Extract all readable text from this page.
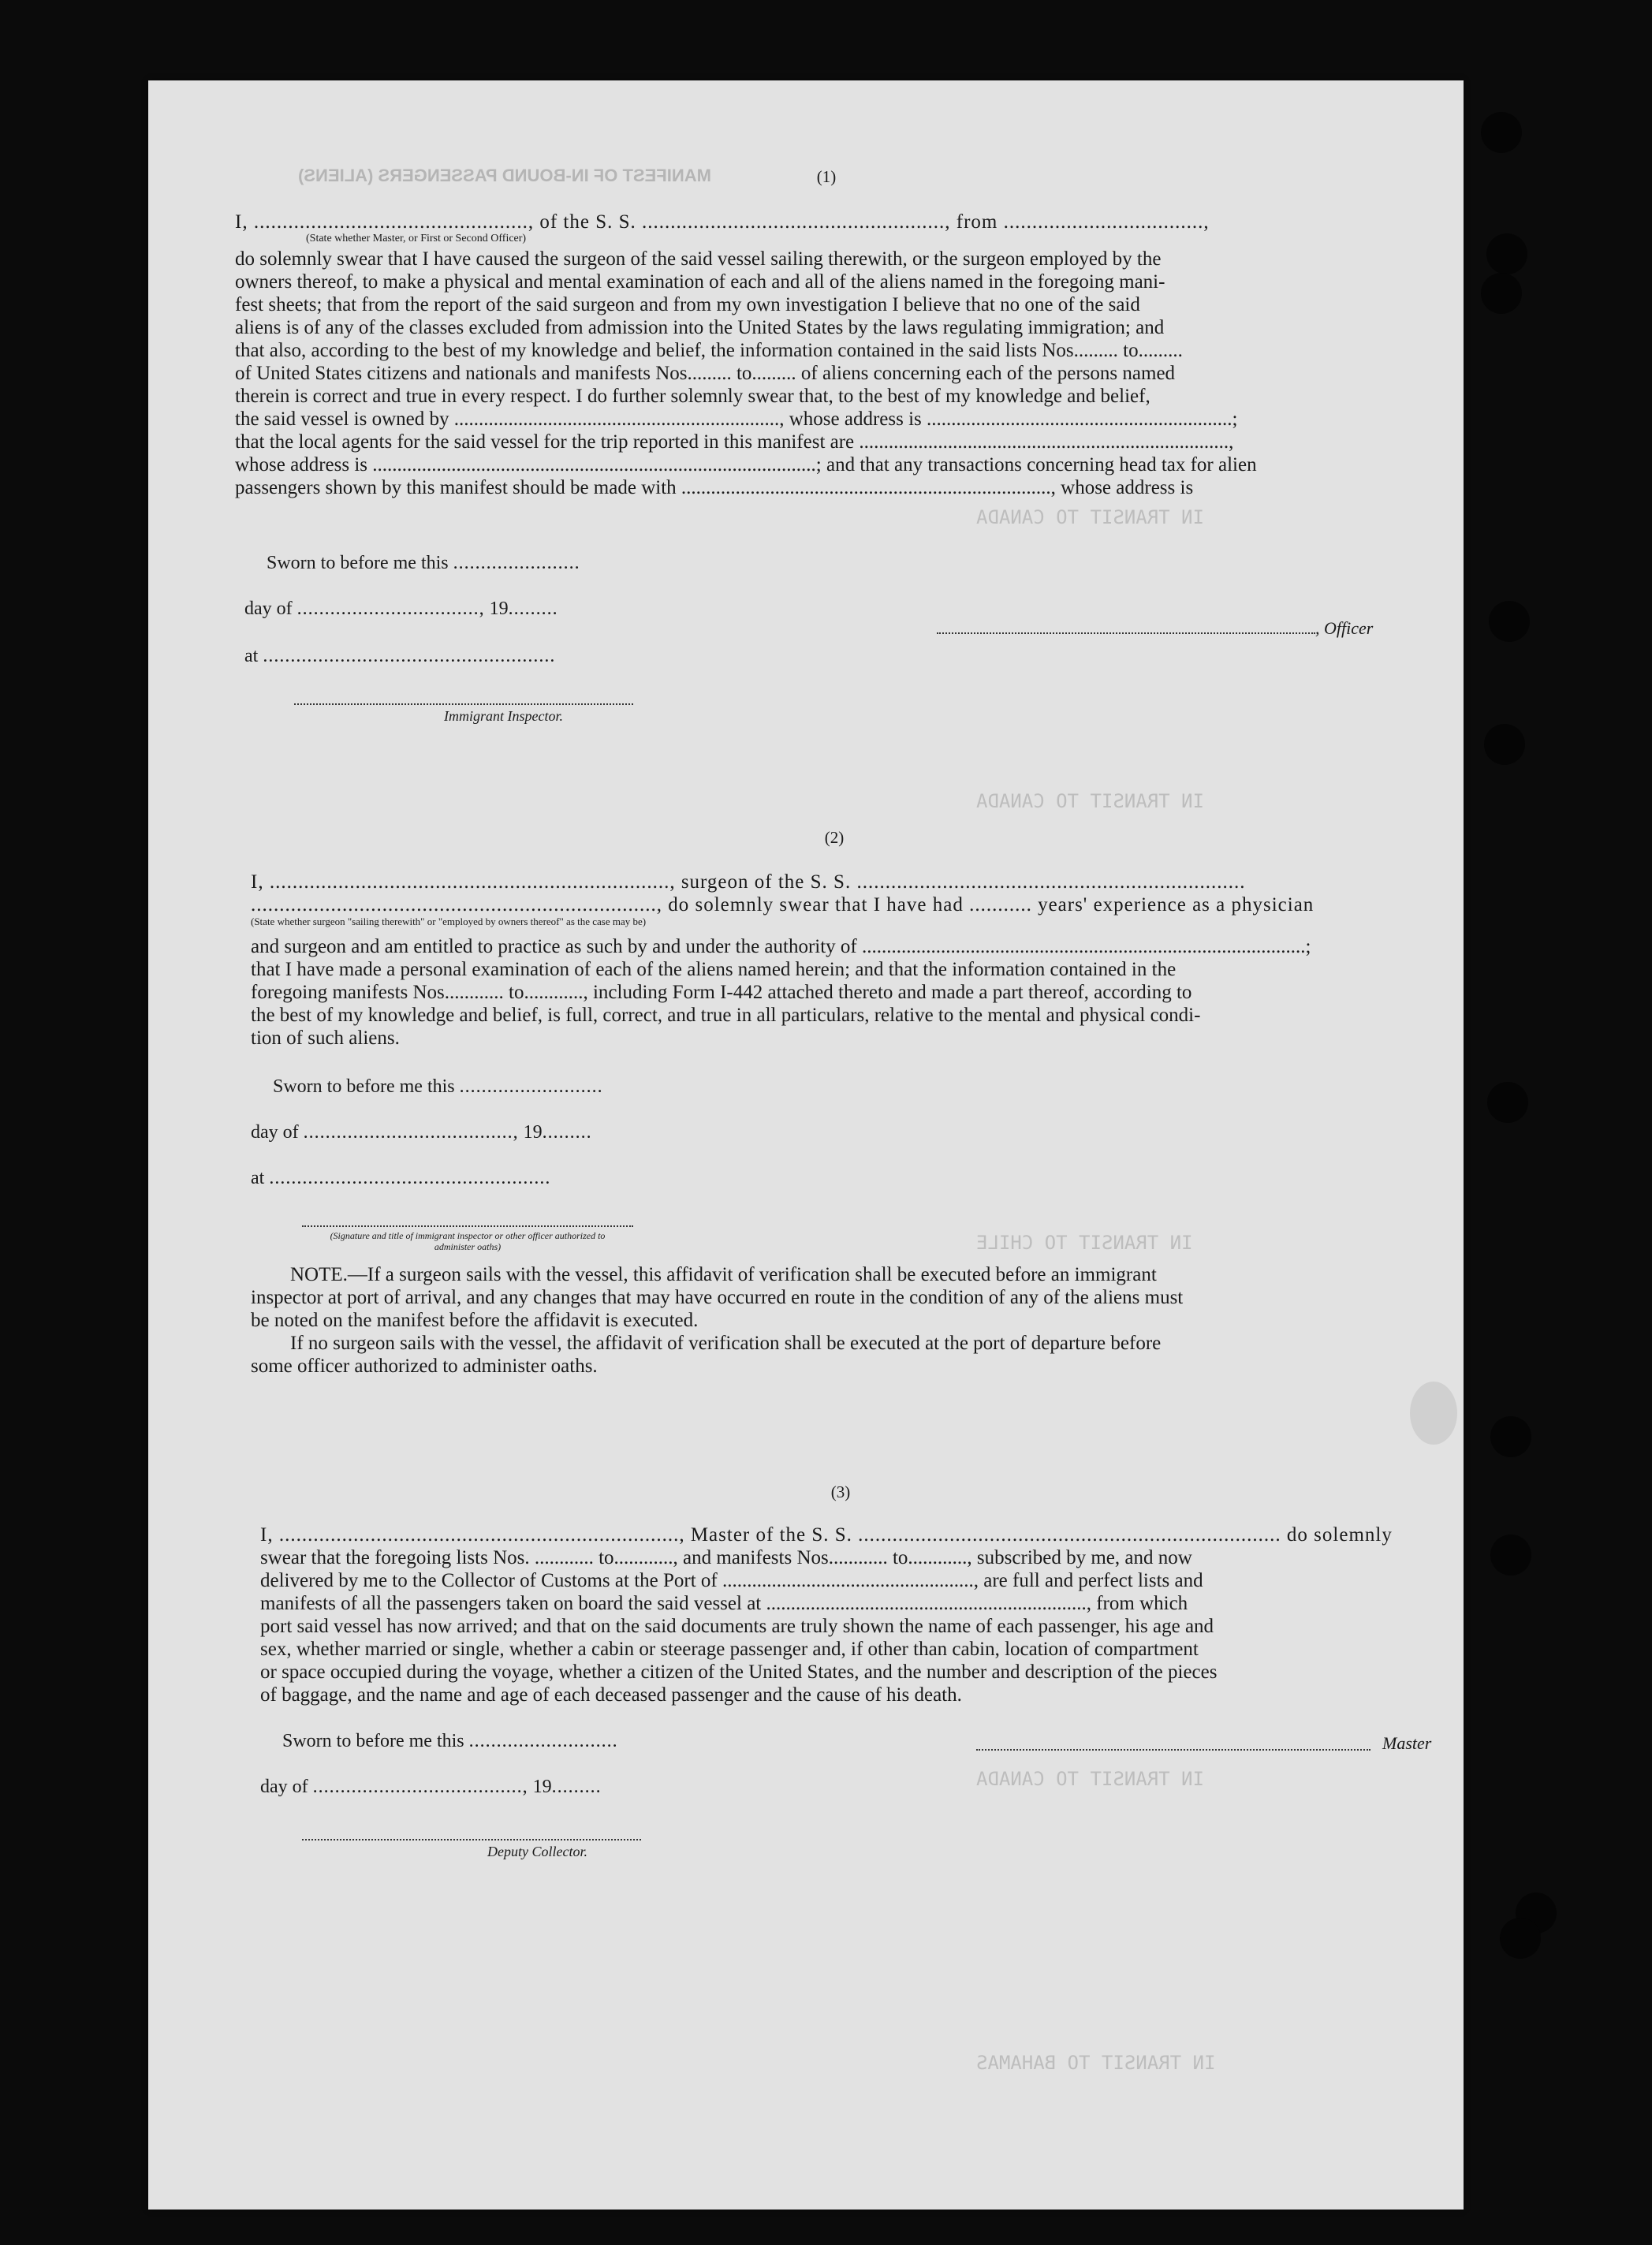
MANIFEST OF IN-BOUND PASSENGERS (ALIENS)
IN TRANSIT TO CANADA
IN TRANSIT TO CANADA
IN TRANSIT TO CHILE
IN TRANSIT TO CANADA
IN TRANSIT TO BAHAMAS
(1)

I, ................................................, of the S. S. ....................................................., from ...................................,

(State whether Master, or First or Second Officer)

do solemnly swear that I have caused the surgeon of the said vessel sailing therewith, or the surgeon employed by the

owners thereof, to make a physical and mental examination of each and all of the aliens named in the foregoing mani-

fest sheets; that from the report of the said surgeon and from my own investigation I believe that no one of the said

aliens is of any of the classes excluded from admission into the United States by the laws regulating immigration; and

that also, according to the best of my knowledge and belief, the information contained in the said lists Nos......... to.........

of United States citizens and nationals and manifests Nos......... to......... of aliens concerning each of the persons named

therein is correct and true in every respect. I do further solemnly swear that, to the best of my knowledge and belief,

the said vessel is owned by .................................................................., whose address is ..............................................................;

that the local agents for the said vessel for the trip reported in this manifest are ...........................................................................,

whose address is ..........................................................................................; and that any transactions concerning head tax for alien

passengers shown by this manifest should be made with ..........................................................................., whose address is

Sworn to before me this .......................
day of ................................., 19.........
at .....................................................
Immigrant Inspector.
, Officer
(2)

I, ......................................................................, surgeon of the S. S. ....................................................................

......................................................................., do solemnly swear that I have had ........... years' experience as a physician

(State whether surgeon "sailing therewith" or "employed by owners thereof" as the case may be)

and surgeon and am entitled to practice as such by and under the authority of ..........................................................................................;

that I have made a personal examination of each of the aliens named herein; and that the information contained in the

foregoing manifests Nos............ to............, including Form I-442 attached thereto and made a part thereof, according to

the best of my knowledge and belief, is full, correct, and true in all particulars, relative to the mental and physical condi-

tion of such aliens.

Sworn to before me this ..........................
day of ......................................, 19.........
at ...................................................
(Signature and title of immigrant inspector or other officer authorized to administer oaths)

NOTE.—If a surgeon sails with the vessel, this affidavit of verification shall be executed before an immigrant

inspector at port of arrival, and any changes that may have occurred en route in the condition of any of the aliens must

be noted on the manifest before the affidavit is executed.

If no surgeon sails with the vessel, the affidavit of verification shall be executed at the port of departure before

some officer authorized to administer oaths.

(3)

I, ......................................................................, Master of the S. S. .......................................................................... do solemnly

swear that the foregoing lists Nos. ............ to............, and manifests Nos............ to............, subscribed by me, and now

delivered by me to the Collector of Customs at the Port of ..................................................., are full and perfect lists and

manifests of all the passengers taken on board the said vessel at ................................................................., from which

port said vessel has now arrived; and that on the said documents are truly shown the name of each passenger, his age and

sex, whether married or single, whether a cabin or steerage passenger and, if other than cabin, location of compartment

or space occupied during the voyage, whether a citizen of the United States, and the number and description of the pieces

of baggage, and the name and age of each deceased passenger and the cause of his death.

Sworn to before me this ...........................
day of ......................................, 19.........
Deputy Collector.
Master
